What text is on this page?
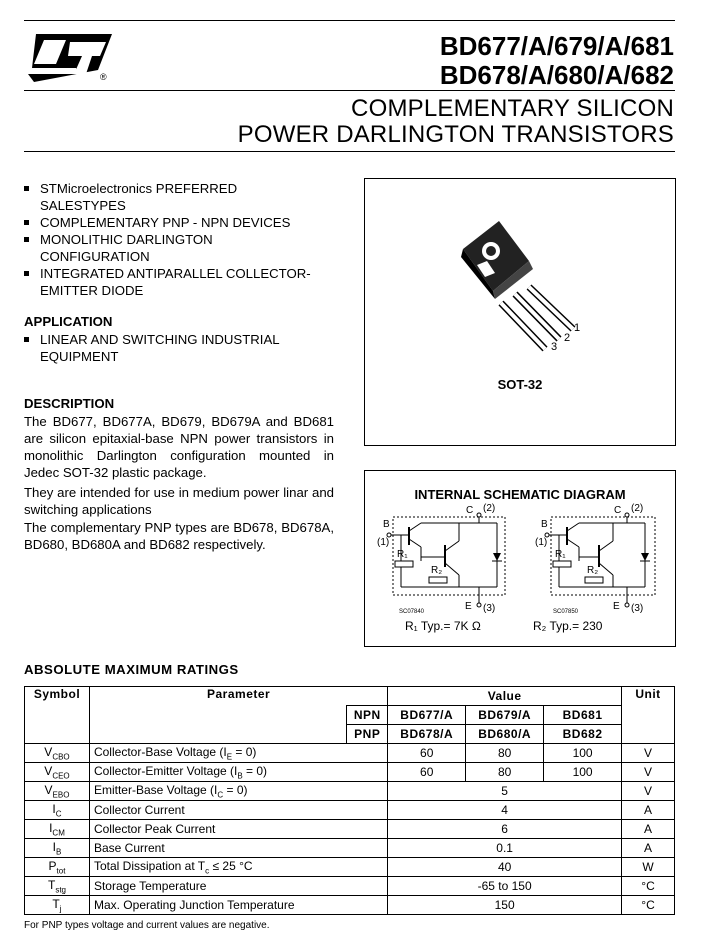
®
BD677/A/679/A/681
BD678/A/680/A/682
COMPLEMENTARY SILICON
POWER DARLINGTON TRANSISTORS
STMicroelectronics PREFERRED SALESTYPES
COMPLEMENTARY PNP - NPN DEVICES
MONOLITHIC DARLINGTON CONFIGURATION
INTEGRATED ANTIPARALLEL COLLECTOR-EMITTER DIODE
APPLICATION
LINEAR AND SWITCHING INDUSTRIAL EQUIPMENT
DESCRIPTION
The BD677, BD677A, BD679, BD679A and BD681 are silicon epitaxial-base NPN power transistors in monolithic Darlington configuration mounted in Jedec SOT-32 plastic package.
They are intended for use in medium power linar and switching applications
The complementary PNP types are BD678, BD678A, BD680, BD680A and BD682 respectively.
1
2
3
SOT-32
INTERNAL SCHEMATIC DIAGRAM
B
(1)
C (2)
R₁
R₂
E (3)
SC07840
R₁ Typ.= 7K Ω
B
(1)
C (2)
R₁
R₂
E (3)
SC07850
R₂ Typ.= 230
ABSOLUTE MAXIMUM RATINGS
Symbol	Parameter		Value			Unit
		NPN	BD677/A	BD679/A	BD681	
		PNP	BD678/A	BD680/A	BD682	
$V_{CBO}$	Collector-Base Voltage $(I_E = 0)$		60	80	100	V
$V_{CEO}$	Collector-Emitter Voltage $(I_B = 0)$		60	80	100	V
$V_{EBO}$	Emitter-Base Voltage $(I_C = 0)$		5			V
$I_C$	Collector Current		4			A
$I_{CM}$	Collector Peak Current		6			A
$I_B$	Base Current		0.1			A
$P_{tot}$	Total Dissipation at $T_c \le 25$ °C		40			W
$T_{stg}$	Storage Temperature		-65 to 150			°C
$T_j$	Max. Operating Junction Temperature		150			°C
For PNP types voltage and current values are negative.
